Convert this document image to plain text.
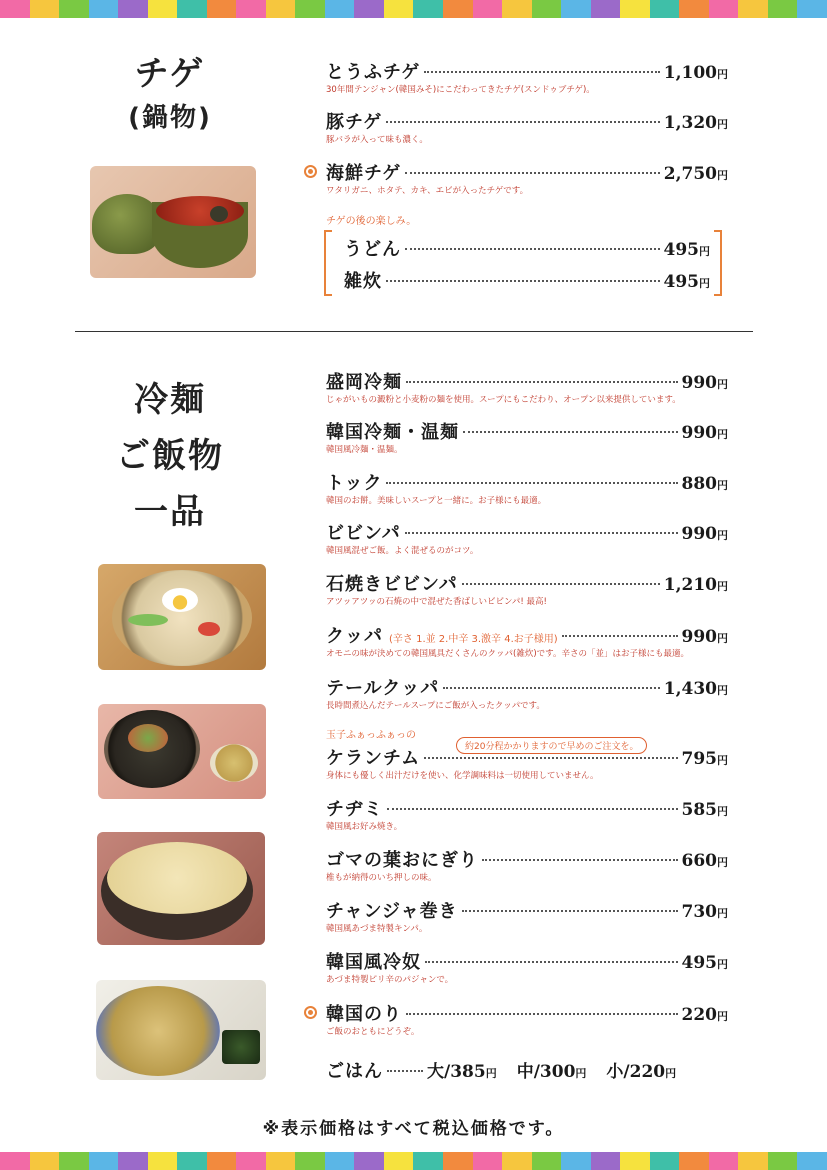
チゲ
(鍋物)
冷麺
ご飯物
一品
とうふチゲ	1,100円
30年間テンジャン(韓国みそ)にこだわってきたチゲ(スンドゥブチゲ)。
豚チゲ	1,320円
豚バラが入って味も濃く。
海鮮チゲ	2,750円
ワタリガニ、ホタテ、カキ、エビが入ったチゲです。
チゲの後の楽しみ。
うどん	495円
雑炊	495円
盛岡冷麺	990円
じゃがいもの澱粉と小麦粉の麺を使用。スープにもこだわり、オープン以来提供しています。
韓国冷麺・温麺	990円
韓国風冷麺・温麺。
トック	880円
韓国のお餅。美味しいスープと一緒に。お子様にも最適。
ビビンパ	990円
韓国風混ぜご飯。よく混ぜるのがコツ。
石焼きビビンパ	1,210円
アツッアツッの石焼の中で混ぜた香ばしいビビンパ! 最高!
クッパ (辛さ 1.並 2.中辛 3.激辛 4.お子様用)	990円
オモニの味が決めての韓国風具だくさんのクッパ(雑炊)です。辛さの「並」はお子様にも最適。
テールクッパ	1,430円
長時間煮込んだテールスープにご飯が入ったクッパです。
玉子ふぁっふぁっの
約20分程かかりますので早めのご注文を。
ケランチム	795円
身体にも優しく出汁だけを使い、化学調味料は一切使用していません。
チヂミ	585円
韓国風お好み焼き。
ゴマの葉おにぎり	660円
椎もが納得のいち押しの味。
チャンジャ巻き	730円
韓国風あづま特製キンパ。
韓国風冷奴	495円
あづま特製ピリ辛のパジャンで。
韓国のり	220円
ご飯のおともにどうぞ。
ごはん	大/385円 中/300円 小/220円
※表示価格はすべて税込価格です。
